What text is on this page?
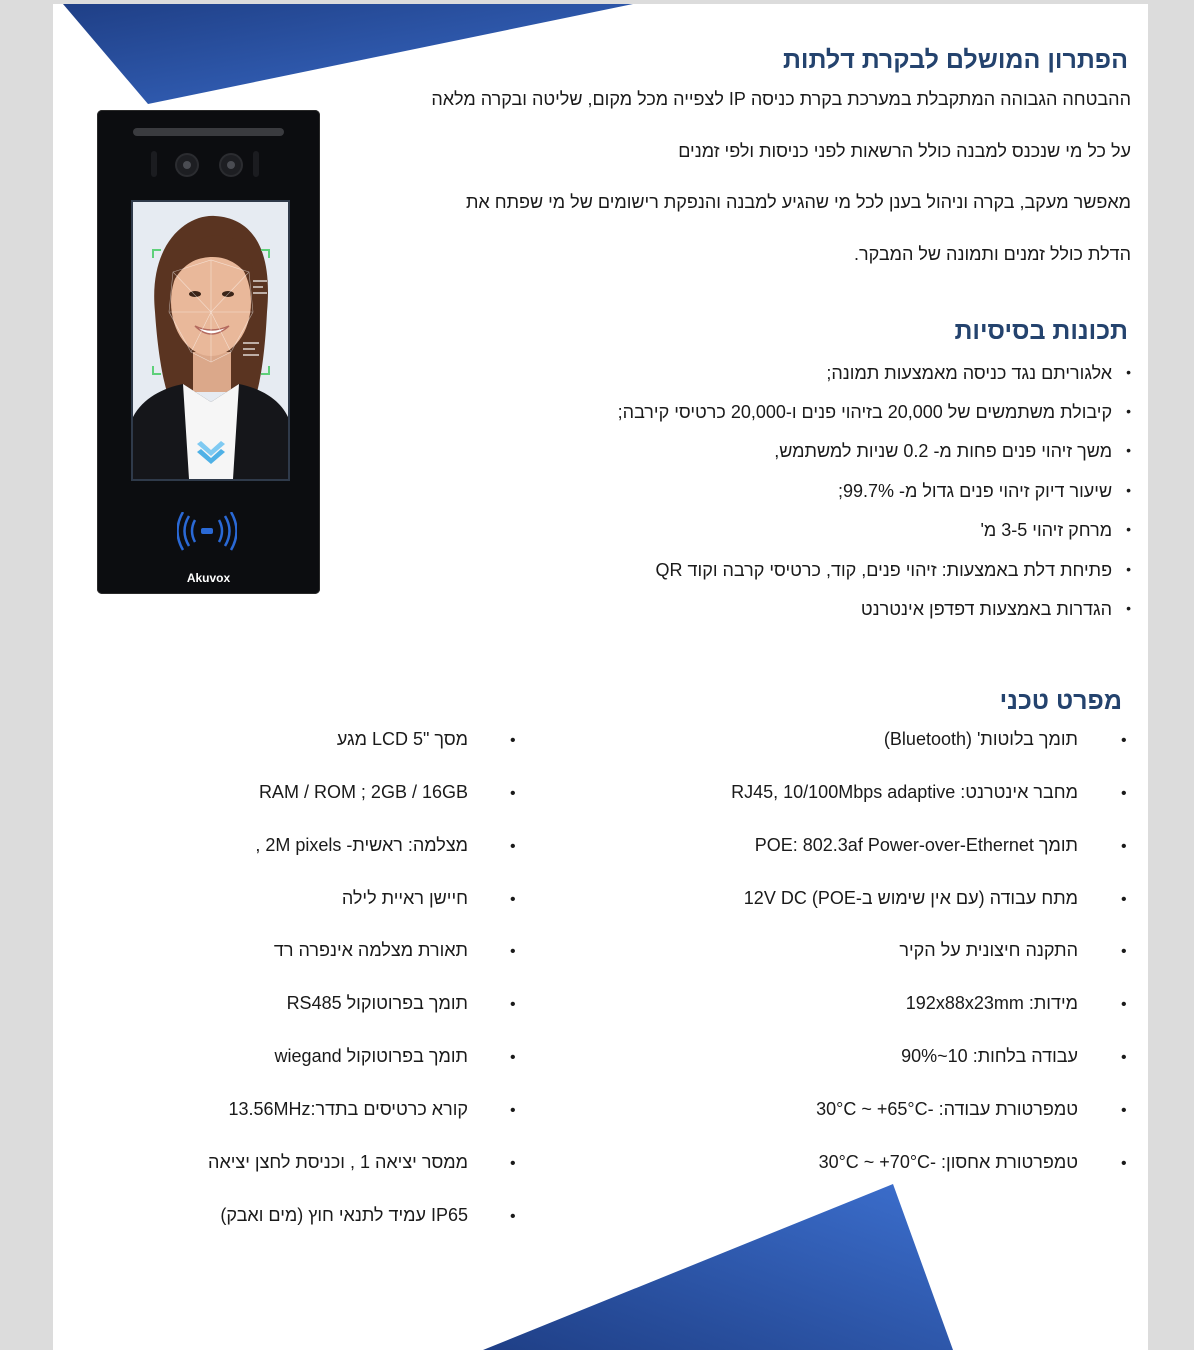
Akuvox
הפתרון המושלם לבקרת דלתות
ההבטחה הגבוהה המתקבלת במערכת בקרת כניסה IP לצפייה מכל מקום, שליטה ובקרה מלאה
על כל מי שנכנס למבנה כולל הרשאות לפני כניסות ולפי זמנים
מאפשר מעקב, בקרה וניהול בענן לכל מי שהגיע למבנה והנפקת רישומים של מי שפתח את
הדלת כולל זמנים ותמונה של המבקר.
תכונות בסיסיות
•אלגוריתם נגד כניסה מאמצעות תמונה;
•קיבולת משתמשים של 20,000 בזיהוי פנים ו-20,000 כרטיסי קירבה;
•משך זיהוי פנים פחות מ- 0.2 שניות למשתמש,
•שיעור דיוק זיהוי פנים גדול מ- 99.7%;
•מרחק זיהוי 3-5 מ'
•פתיחת דלת באמצעות: זיהוי פנים, קוד, כרטיסי קרבה וקוד QR
•הגדרות באמצעות דפדפן אינטרנט
מפרט טכני
•
תומך בלוטות' (Bluetooth)
•
מחבר אינטרנט: RJ45, 10/100Mbps adaptive
•
תומך POE: 802.3af Power-over-Ethernet
•
מתח עבודה (עם אין שימוש ב-POE) 12V DC
•
התקנה חיצונית על הקיר
•
מידות: 192x88x23mm
•
עבודה בלחות: 10~90%
•
טמפרטורת עבודה: -30°C ~ +65°C
•
טמפרטורת אחסון: -30°C ~ +70°C
•
מסך "5 LCD מגע
•
RAM / ROM ; 2GB / 16GB
•
מצלמה: ראשית- 2M pixels ,
•
חיישן ראיית לילה
•
תאורת מצלמה אינפרה רד
•
תומך בפרוטוקול RS485
•
תומך בפרוטוקול wiegand
•
קורא כרטיסים בתדר:13.56MHz
•
ממסר יציאה 1 , וכניסת לחצן יציאה
•
IP65 עמיד לתנאי חוץ (מים ואבק)
